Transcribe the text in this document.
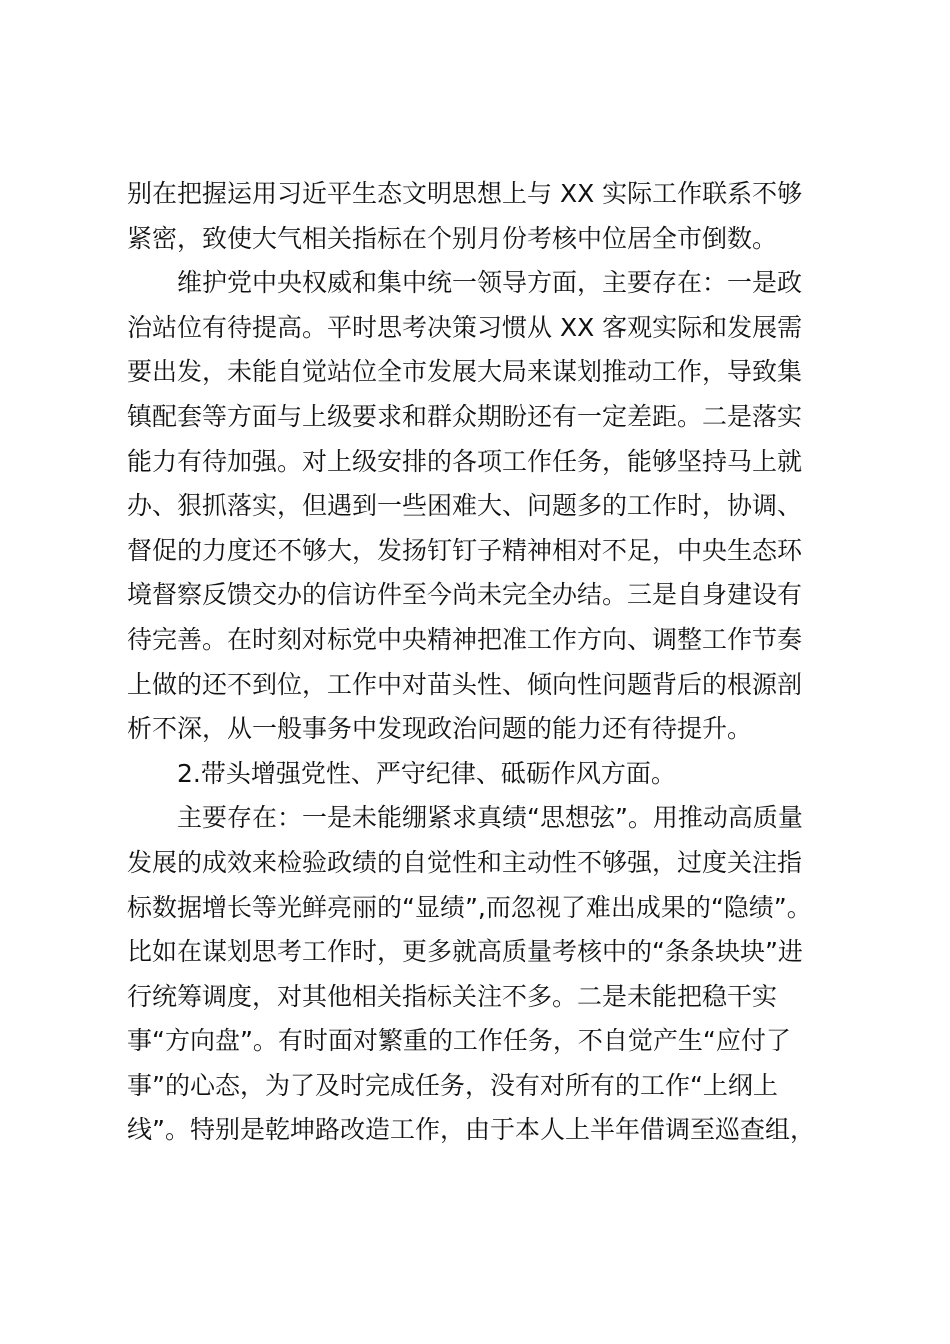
别在把握运用习近平生态文明思想上与 XX 实际工作联系不够
紧密，致使大气相关指标在个别月份考核中位居全市倒数。
维护党中央权威和集中统一领导方面，主要存在：一是政
治站位有待提高。平时思考决策习惯从 XX 客观实际和发展需
要出发，未能自觉站位全市发展大局来谋划推动工作，导致集
镇配套等方面与上级要求和群众期盼还有一定差距。二是落实
能力有待加强。对上级安排的各项工作任务，能够坚持马上就
办、狠抓落实，但遇到一些困难大、问题多的工作时，协调、
督促的力度还不够大，发扬钉钉子精神相对不足，中央生态环
境督察反馈交办的信访件至今尚未完全办结。三是自身建设有
待完善。在时刻对标党中央精神把准工作方向、调整工作节奏
上做的还不到位，工作中对苗头性、倾向性问题背后的根源剖
析不深，从一般事务中发现政治问题的能力还有待提升。
2.带头增强党性、严守纪律、砥砺作风方面。
主要存在：一是未能绷紧求真绩“思想弦”。用推动高质量
发展的成效来检验政绩的自觉性和主动性不够强，过度关注指
标数据增长等光鲜亮丽的“显绩”,而忽视了难出成果的“隐绩”。
比如在谋划思考工作时，更多就高质量考核中的“条条块块”进
行统筹调度，对其他相关指标关注不多。二是未能把稳干实
事“方向盘”。有时面对繁重的工作任务，不自觉产生“应付了
事”的心态，为了及时完成任务，没有对所有的工作“上纲上
线”。特别是乾坤路改造工作，由于本人上半年借调至巡查组，
